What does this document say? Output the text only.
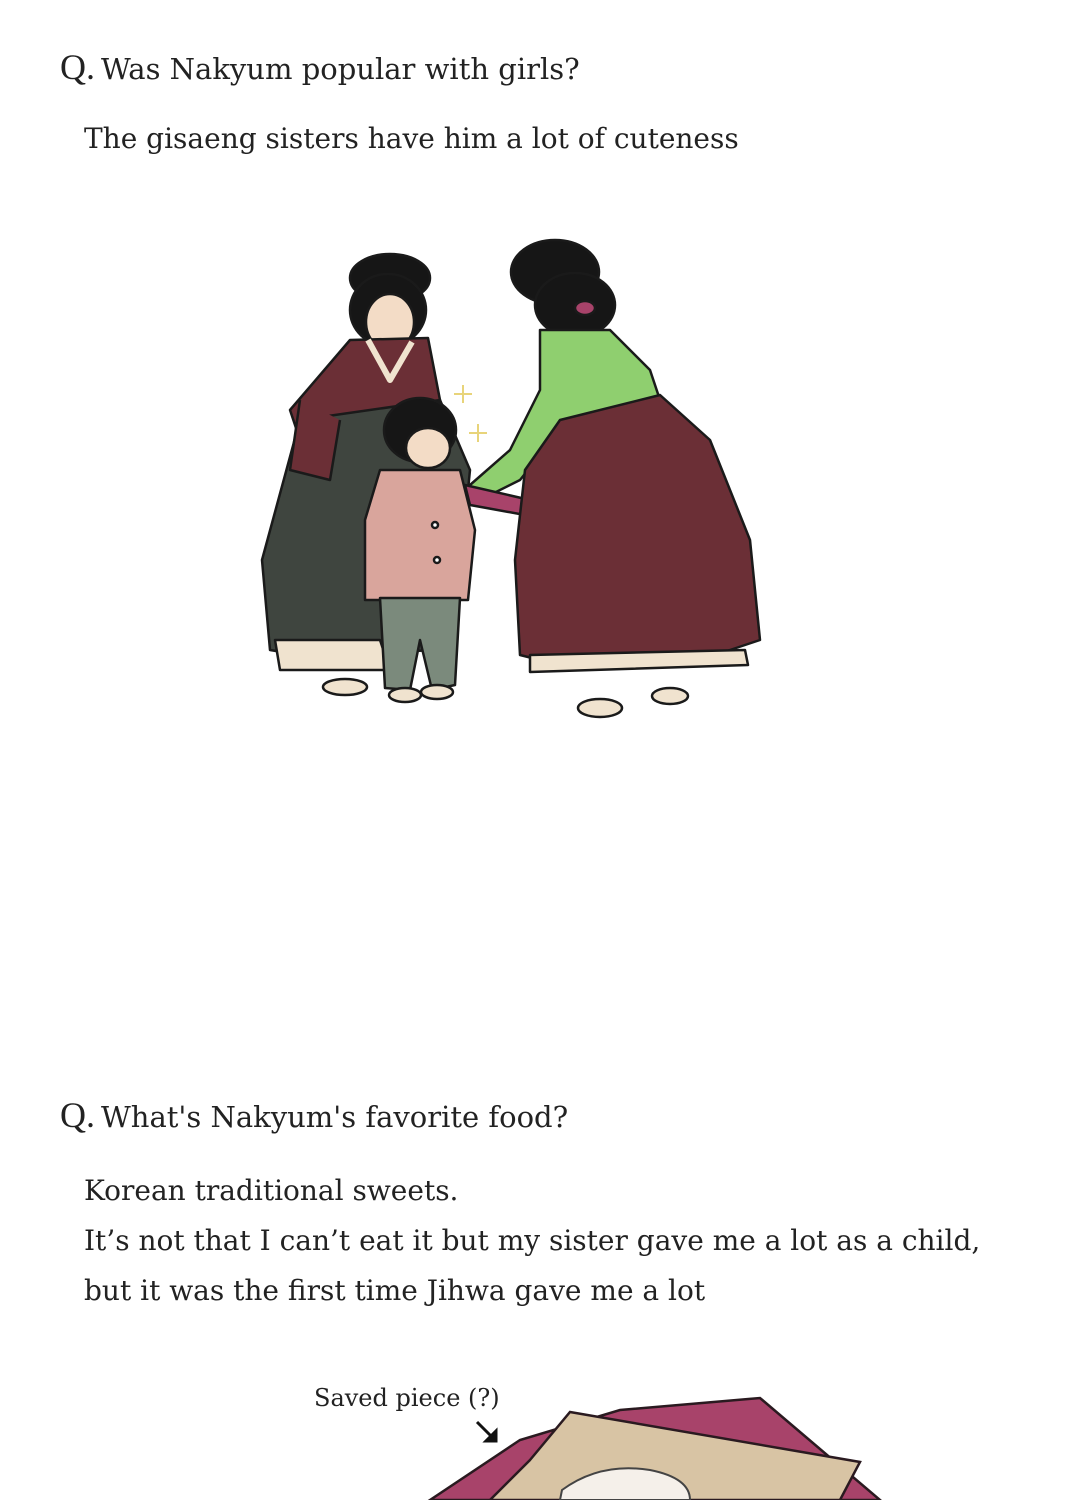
Q. Was Nakyum popular with girls?
The gisaeng sisters have him a lot of cuteness
Q. What's Nakyum's favorite food?
Korean traditional sweets.
It’s not that I can’t eat it but my sister gave me a lot as a child,
but it was the first time Jihwa gave me a lot
Saved piece (?)
